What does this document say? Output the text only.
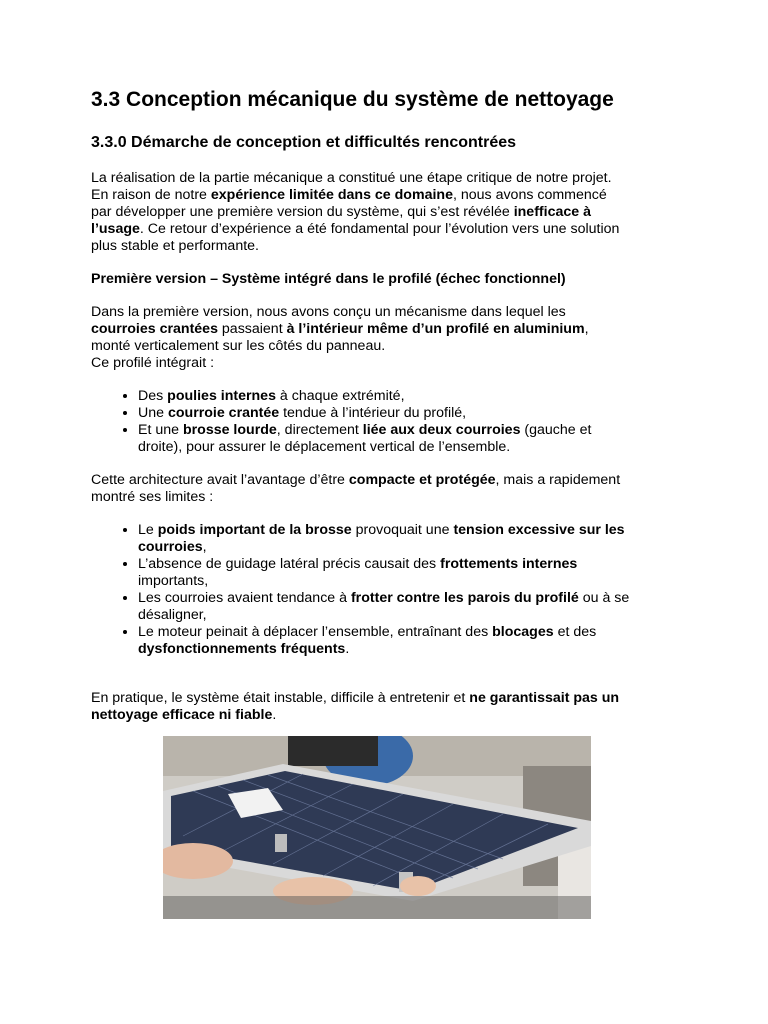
3.3 Conception mécanique du système de nettoyage
3.3.0 Démarche de conception et difficultés rencontrées

La réalisation de la partie mécanique a constitué une étape critique de notre projet.
En raison de notre expérience limitée dans ce domaine, nous avons commencé
par développer une première version du système, qui s’est révélée inefficace à
l’usage. Ce retour d’expérience a été fondamental pour l’évolution vers une solution
plus stable et performante.

Première version – Système intégré dans le profilé (échec fonctionnel)

Dans la première version, nous avons conçu un mécanisme dans lequel les
courroies crantées passaient à l’intérieur même d’un profilé en aluminium,
monté verticalement sur les côtés du panneau.
Ce profilé intégrait :

• Des poulies internes à chaque extrémité,
• Une courroie crantée tendue à l’intérieur du profilé,
• Et une brosse lourde, directement liée aux deux courroies (gauche et
droite), pour assurer le déplacement vertical de l’ensemble.

Cette architecture avait l’avantage d’être compacte et protégée, mais a rapidement
montré ses limites :

• Le poids important de la brosse provoquait une tension excessive sur les
courroies,
• L’absence de guidage latéral précis causait des frottements internes
importants,
• Les courroies avaient tendance à frotter contre les parois du profilé ou à se
désaligner,
• Le moteur peinait à déplacer l’ensemble, entraînant des blocages et des
dysfonctionnements fréquents.

En pratique, le système était instable, difficile à entretenir et ne garantissait pas un
nettoyage efficace ni fiable.
